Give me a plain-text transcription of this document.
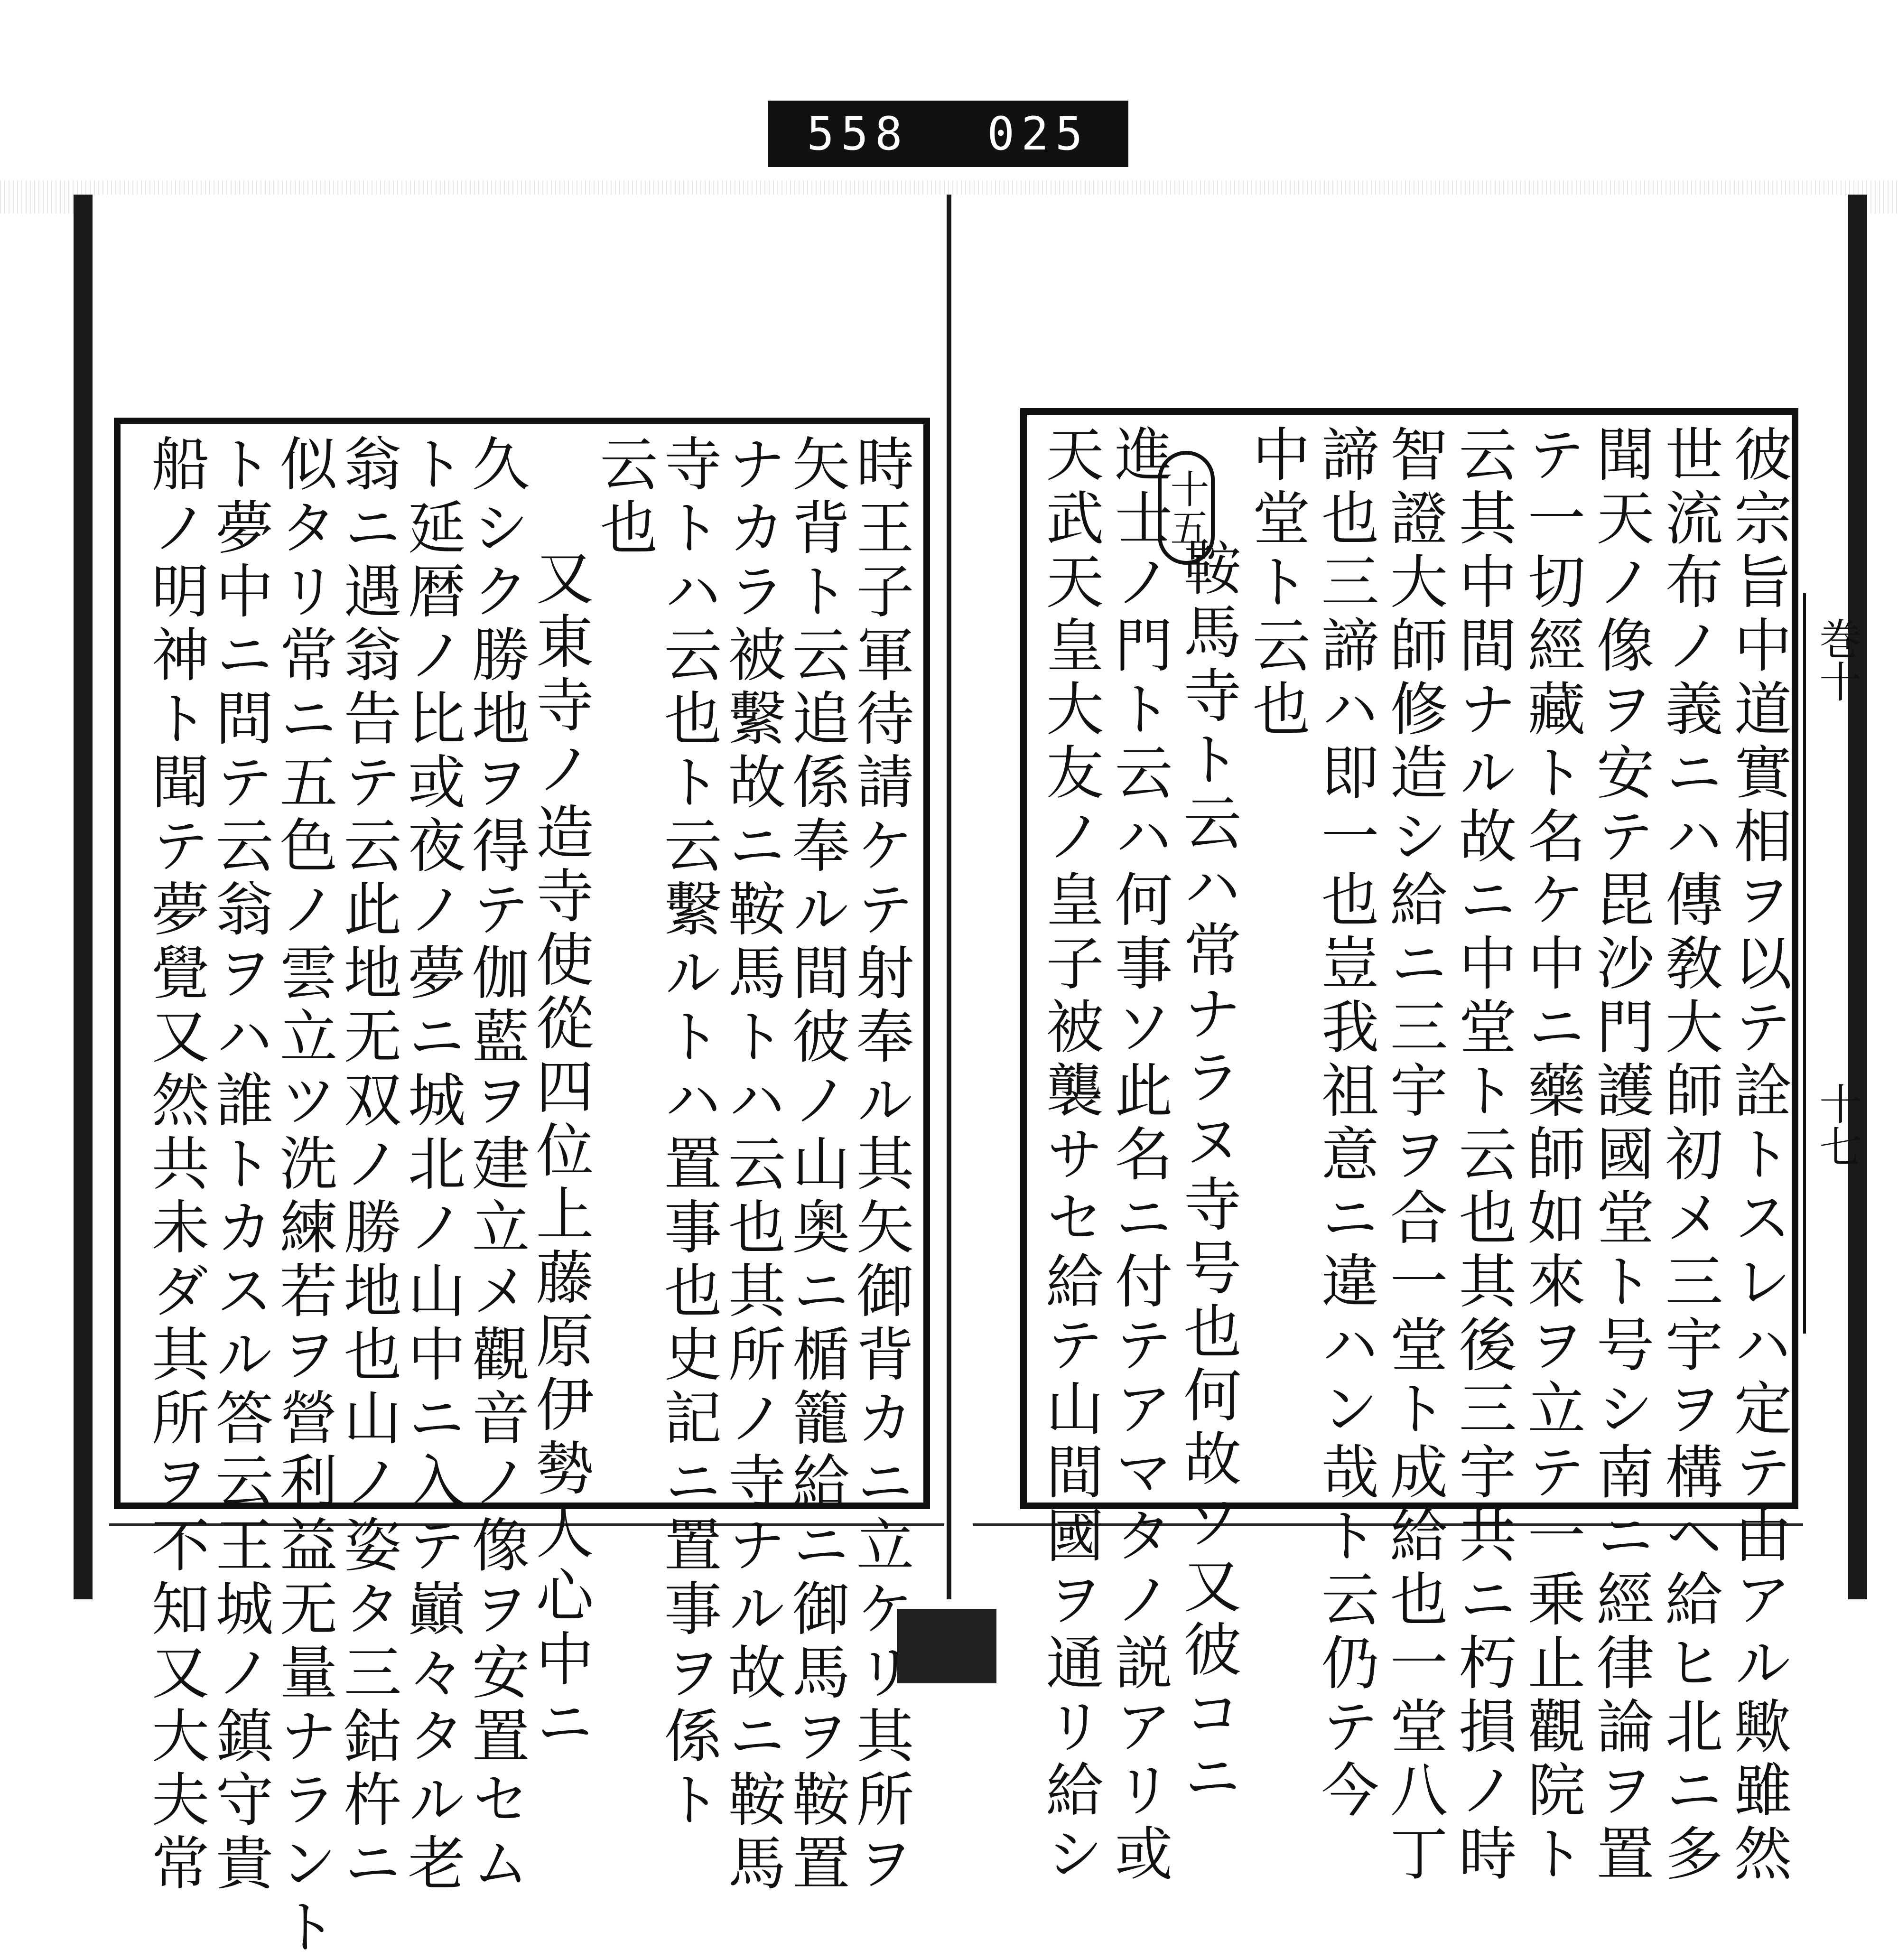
558 025
巻十
十七
彼宗旨中道實相ヲ以テ詮トスレハ定テ由アル歟雖然
世流布ノ義ニハ傳敎大師初メ三宇ヲ構ヘ給ヒ北ニ多
聞天ノ像ヲ安テ毘沙門護國堂ト号シ南ニ經律論ヲ置
テ一切經藏ト名ケ中ニ藥師如來ヲ立テ一乗止觀院ト
云其中間ナル故ニ中堂ト云也其後三宇共ニ朽損ノ時
智證大師修造シ給ニ三宇ヲ合一堂ト成給也一堂八丁
諦也三諦ハ即一也豈我祖意ニ違ハン哉ト云仍テ今
中堂ト云也
鞍馬寺ト云ハ常ナラヌ寺号也何故ソ又彼コニ
進士ノ門ト云ハ何事ソ此名ニ付テアマタノ説アリ或
天武天皇大友ノ皇子被襲サセ給テ山間國ヲ通リ給シ 十五
時王子軍待請ケテ射奉ル其矢御背カニ立ケリ其所ヲ
矢背ト云追係奉ル間彼ノ山奥ニ楯籠給ニ御馬ヲ鞍置
ナカラ被繫故ニ鞍馬トハ云也其所ノ寺ナル故ニ鞍馬
寺トハ云也ト云繫ルトハ置事也史記ニ置事ヲ係ト
云也
又東寺ノ造寺使從四位上藤原伊勢人心中ニ
久シク勝地ヲ得テ伽藍ヲ建立メ觀音ノ像ヲ安置セム
ト延暦ノ比或夜ノ夢ニ城北ノ山中ニ入テ巓々タル老
翁ニ遇翁告テ云此地无双ノ勝地也山ノ姿タ三鈷杵ニ
似タリ常ニ五色ノ雲立ツ洗練若ヲ營利益无量ナラント
ト夢中ニ問テ云翁ヲハ誰トカスル答云王城ノ鎮守貴
船ノ明神ト聞テ夢覺又然共未ダ其所ヲ不知又大夫常
